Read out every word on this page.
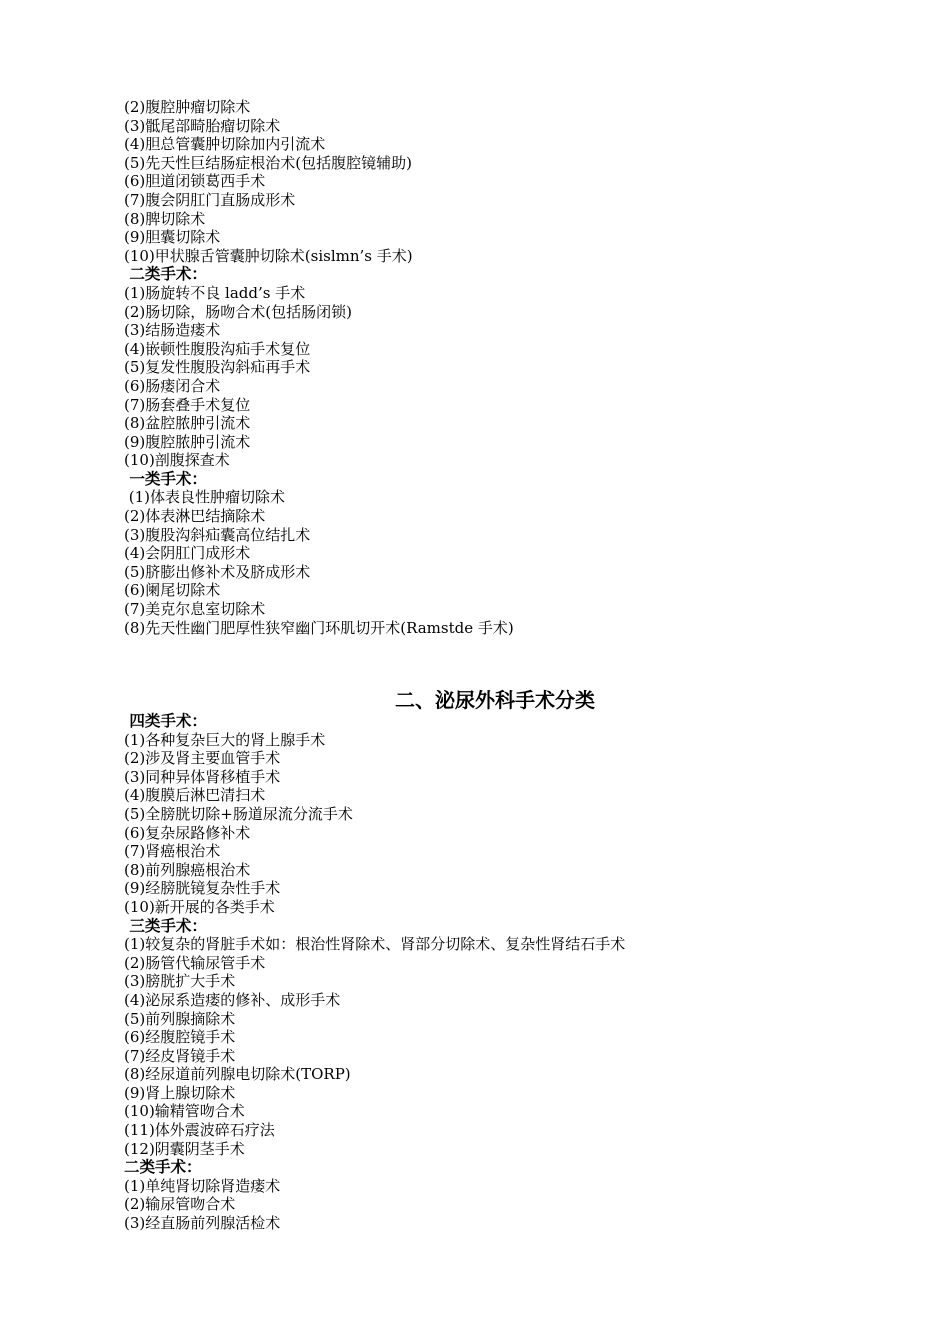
(2)腹腔肿瘤切除术
(3)骶尾部畸胎瘤切除术
(4)胆总管囊肿切除加内引流术
(5)先天性巨结肠症根治术(包括腹腔镜辅助)
(6)胆道闭锁葛西手术
(7)腹会阴肛门直肠成形术
(8)脾切除术
(9)胆囊切除术
(10)甲状腺舌管囊肿切除术(sislmn’s 手术)
二类手术：
(1)肠旋转不良 ladd’s 手术
(2)肠切除，肠吻合术(包括肠闭锁)
(3)结肠造瘘术
(4)嵌顿性腹股沟疝手术复位
(5)复发性腹股沟斜疝再手术
(6)肠瘘闭合术
(7)肠套叠手术复位
(8)盆腔脓肿引流术
(9)腹腔脓肿引流术
(10)剖腹探查术
一类手术：
(1)体表良性肿瘤切除术
(2)体表淋巴结摘除术
(3)腹股沟斜疝囊高位结扎术
(4)会阴肛门成形术
(5)脐膨出修补术及脐成形术
(6)阑尾切除术
(7)美克尔息室切除术
(8)先天性幽门肥厚性狭窄幽门环肌切开术(Ramstde 手术)
二、泌尿外科手术分类
四类手术：
(1)各种复杂巨大的肾上腺手术
(2)涉及肾主要血管手术
(3)同种异体肾移植手术
(4)腹膜后淋巴清扫术
(5)全膀胱切除+肠道尿流分流手术
(6)复杂尿路修补术
(7)肾癌根治术
(8)前列腺癌根治术
(9)经膀胱镜复杂性手术
(10)新开展的各类手术
三类手术：
(1)较复杂的肾脏手术如：根治性肾除术、肾部分切除术、复杂性肾结石手术
(2)肠管代输尿管手术
(3)膀胱扩大手术
(4)泌尿系造瘘的修补、成形手术
(5)前列腺摘除术
(6)经腹腔镜手术
(7)经皮肾镜手术
(8)经尿道前列腺电切除术(TORP)
(9)肾上腺切除术
(10)输精管吻合术
(11)体外震波碎石疗法
(12)阴囊阴茎手术
二类手术：
(1)单纯肾切除肾造瘘术
(2)输尿管吻合术
(3)经直肠前列腺活检术
